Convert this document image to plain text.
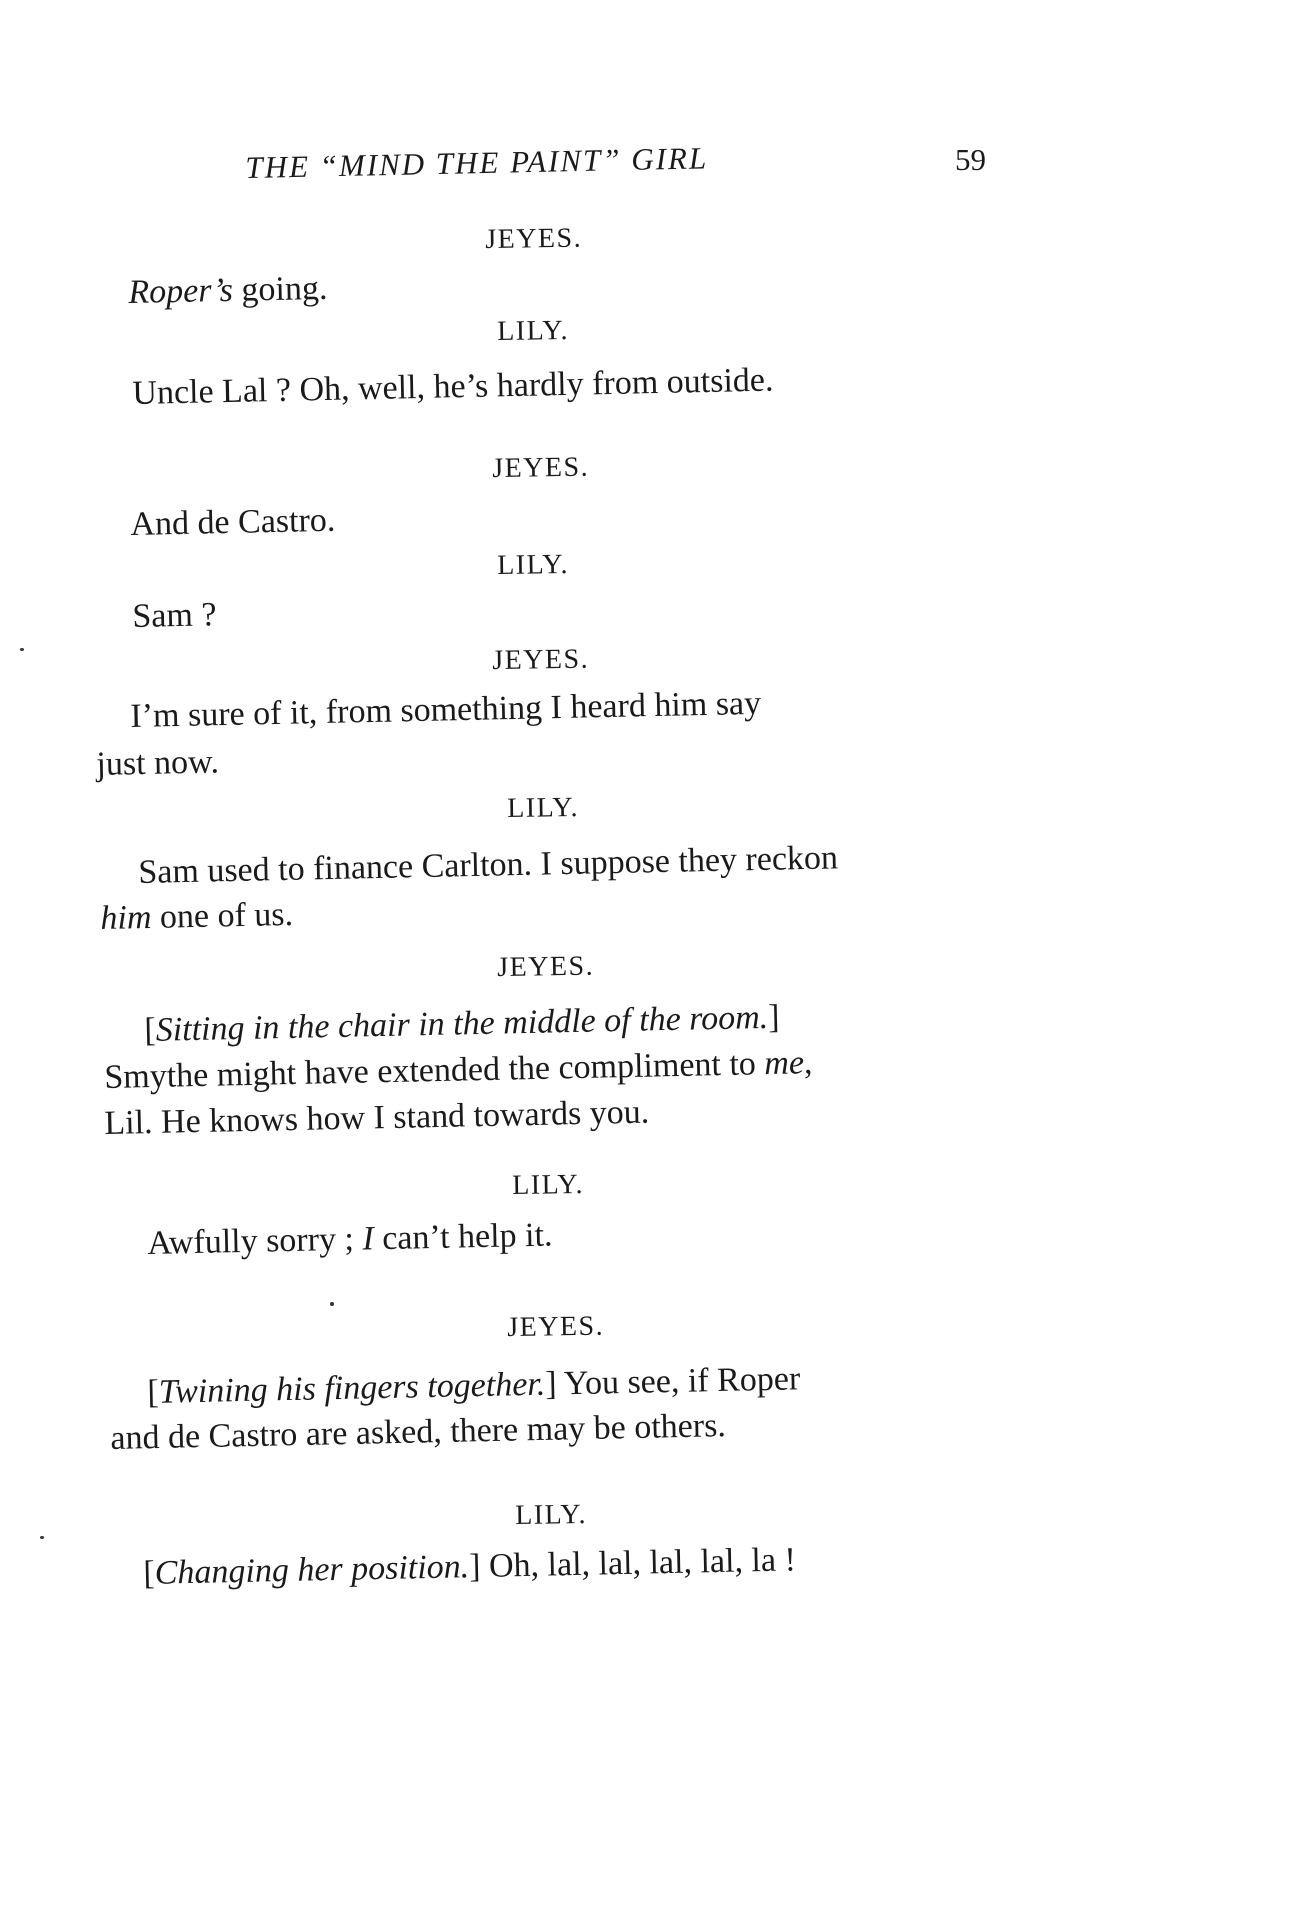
THE “MIND THE PAINT” GIRL	59
JEYES.
Roper’s going.
LILY.
Uncle Lal ? Oh, well, he’s hardly from outside.
JEYES.
And de Castro.
LILY.
Sam ?
JEYES.
I’m sure of it, from something I heard him say
just now.
LILY.
Sam used to finance Carlton. I suppose they reckon
him one of us.
JEYES.
[Sitting in the chair in the middle of the room.]
Smythe might have extended the compliment to me,
Lil. He knows how I stand towards you.
LILY.
Awfully sorry ; I can’t help it.
JEYES.
[Twining his fingers together.] You see, if Roper
and de Castro are asked, there may be others.
LILY.
[Changing her position.] Oh, lal, lal, lal, lal, la !
